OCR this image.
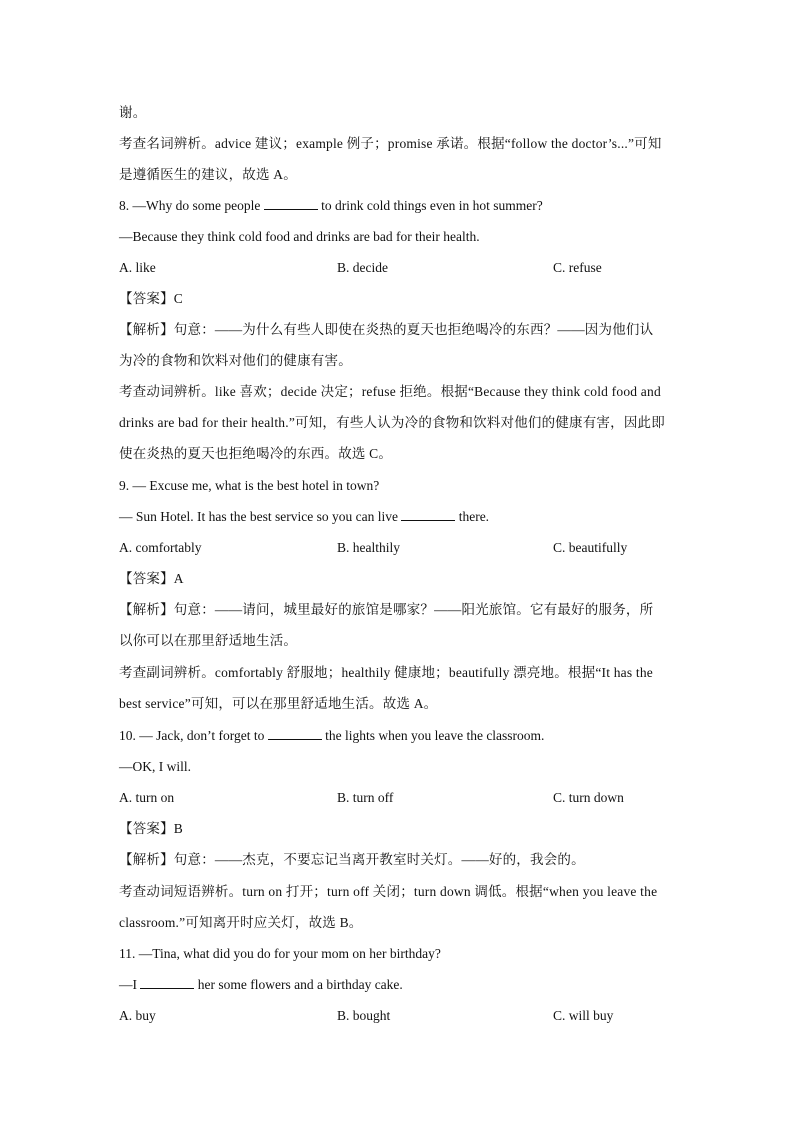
谢。
考查名词辨析。advice 建议；example 例子；promise 承诺。根据“follow the doctor’s...”可知
是遵循医生的建议，故选 A。
8. —Why do some people	to drink cold things even in hot summer?
—Because they think cold food and drinks are bad for their health.
A. like	B. decide	C. refuse
【答案】C
【解析】句意：——为什么有些人即使在炎热的夏天也拒绝喝冷的东西？——因为他们认
为冷的食物和饮料对他们的健康有害。
考查动词辨析。like 喜欢；decide 决定；refuse 拒绝。根据“Because they think cold food and
drinks are bad for their health.”可知，有些人认为冷的食物和饮料对他们的健康有害，因此即
使在炎热的夏天也拒绝喝冷的东西。故选 C。
9. — Excuse me, what is the best hotel in town?
— Sun Hotel. It has the best service so you can live	there.
A. comfortably	B. healthily	C. beautifully
【答案】A
【解析】句意：——请问，城里最好的旅馆是哪家？——阳光旅馆。它有最好的服务，所
以你可以在那里舒适地生活。
考查副词辨析。comfortably 舒服地；healthily 健康地；beautifully 漂亮地。根据“It has the
best service”可知，可以在那里舒适地生活。故选 A。
10. — Jack, don’t forget to	the lights when you leave the classroom.
—OK, I will.
A. turn on	B. turn off	C. turn down
【答案】B
【解析】句意：——杰克，不要忘记当离开教室时关灯。——好的，我会的。
考查动词短语辨析。turn on 打开；turn off 关闭；turn down 调低。根据“when you leave the
classroom.”可知离开时应关灯，故选 B。
11. —Tina, what did you do for your mom on her birthday?
—I	her some flowers and a birthday cake.
A. buy	B. bought	C. will buy
